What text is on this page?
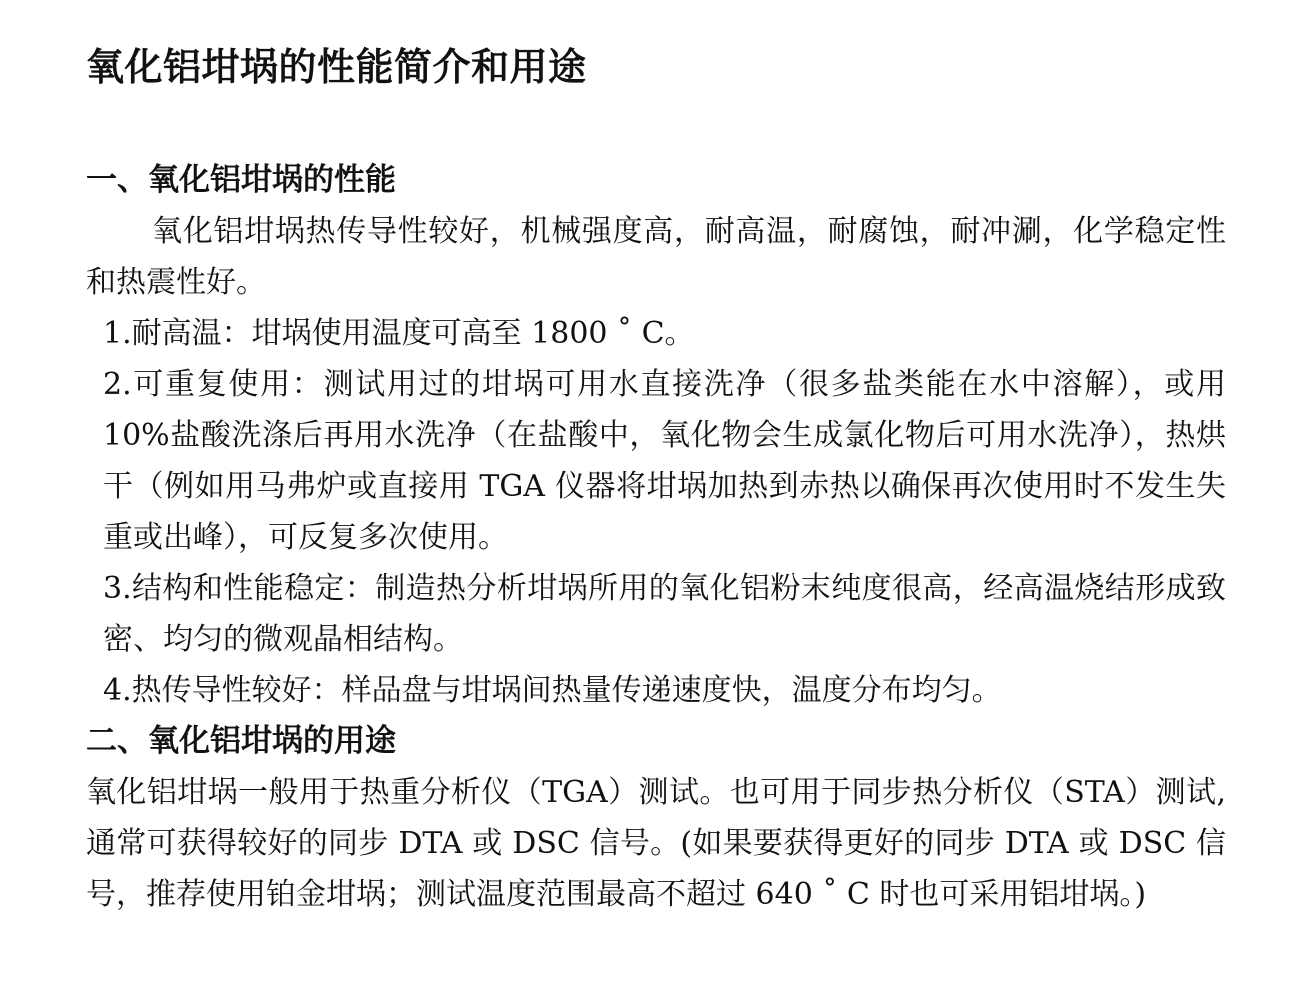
氧化铝坩埚的性能简介和用途
一、氧化铝坩埚的性能

氧化铝坩埚热传导性较好，机械强度高，耐高温，耐腐蚀，耐冲涮，化学稳定性和热震性好。

1.耐高温：坩埚使用温度可高至 1800 ˚ C。

2.可重复使用：测试用过的坩埚可用水直接洗净（很多盐类能在水中溶解），或用 10%盐酸洗涤后再用水洗净（在盐酸中，氧化物会生成氯化物后可用水洗净），热烘干（例如用马弗炉或直接用 TGA 仪器将坩埚加热到赤热以确保再次使用时不发生失重或出峰），可反复多次使用。

3.结构和性能稳定：制造热分析坩埚所用的氧化铝粉末纯度很高，经高温烧结形成致密、均匀的微观晶相结构。

4.热传导性较好：样品盘与坩埚间热量传递速度快，温度分布均匀。

二、氧化铝坩埚的用途

氧化铝坩埚一般用于热重分析仪（TGA）测试。也可用于同步热分析仪（STA）测试, 通常可获得较好的同步 DTA 或 DSC 信号。(如果要获得更好的同步 DTA 或 DSC 信号，推荐使用铂金坩埚；测试温度范围最高不超过 640 ˚ C 时也可采用铝坩埚。)
